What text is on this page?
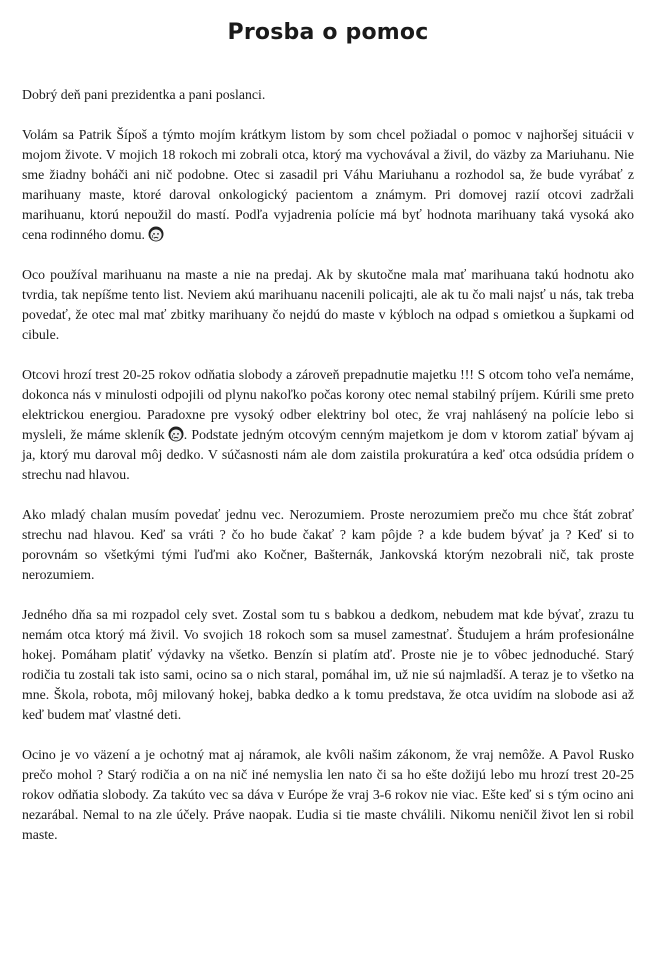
Prosba o pomoc

Dobrý deň pani prezidentka a pani poslanci.

Volám sa Patrik Šípoš a týmto mojím krátkym listom by som chcel požiadal o pomoc v najhoršej situácii v mojom živote. V mojich 18 rokoch mi zobrali otca, ktorý ma vychovával a živil, do väzby za Mariuhanu. Nie sme žiadny boháči ani nič podobne. Otec si zasadil pri Váhu Mariuhanu a rozhodol sa, že bude vyrábať z marihuany maste, ktoré daroval onkologický pacientom a známym. Pri domovej razií otcovi zadržali marihuanu, ktorú nepoužil do mastí. Podľa vyjadrenia polície má byť hodnota marihuany taká vysoká ako cena rodinného domu.

Oco používal marihuanu na maste a nie na predaj. Ak by skutočne mala mať marihuana takú hodnotu ako tvrdia, tak nepíšme tento list. Neviem akú marihuanu nacenili policajti, ale ak tu čo mali najsť u nás, tak treba povedať, že otec mal mať zbitky marihuany čo nejdú do maste v kýbloch na odpad s omietkou a šupkami od cibule.

Otcovi hrozí trest 20-25 rokov odňatia slobody a zároveň prepadnutie majetku !!! S otcom toho veľa nemáme, dokonca nás v minulosti odpojili od plynu nakoľko počas korony otec nemal stabilný príjem. Kúrili sme preto elektrickou energiou. Paradoxne pre vysoký odber elektriny bol otec, že vraj nahlásený na polície lebo si mysleli, že máme skleník . Podstate jedným otcovým cenným majetkom je dom v ktorom zatiaľ bývam aj ja, ktorý mu daroval môj dedko. V súčasnosti nám ale dom zaistila prokuratúra a keď otca odsúdia prídem o strechu nad hlavou.

Ako mladý chalan musím povedať jednu vec. Nerozumiem. Proste nerozumiem prečo mu chce štát zobrať strechu nad hlavou. Keď sa vráti ? čo ho bude čakať ? kam pôjde ? a kde budem bývať ja ? Keď si to porovnám so všetkými tými ľuďmi ako Kočner, Bašternák, Jankovská ktorým nezobrali nič, tak proste nerozumiem.

Jedného dňa sa mi rozpadol cely svet. Zostal som tu s babkou a dedkom, nebudem mat kde bývať, zrazu tu nemám otca ktorý má živil. Vo svojich 18 rokoch som sa musel zamestnať. Študujem a hrám profesionálne hokej. Pomáham platiť výdavky na všetko. Benzín si platím atď. Proste nie je to vôbec jednoduché. Starý rodičia tu zostali tak isto sami, ocino sa o nich staral, pomáhal im, už nie sú najmladší. A teraz je to všetko na mne. Škola, robota, môj milovaný hokej, babka dedko a k tomu predstava, že otca uvidím na slobode asi až keď budem mať vlastné deti.

Ocino je vo väzení a je ochotný mat aj náramok, ale kvôli našim zákonom, že vraj nemôže. A Pavol Rusko prečo mohol ? Starý rodičia a on na nič iné nemyslia len nato či sa ho ešte dožijú lebo mu hrozí trest 20-25 rokov odňatia slobody. Za takúto vec sa dáva v Európe že vraj 3-6 rokov nie viac. Ešte keď si s tým ocino ani nezarábal. Nemal to na zle účely. Práve naopak. Ľudia si tie maste chválili. Nikomu neničil život len si robil maste.
